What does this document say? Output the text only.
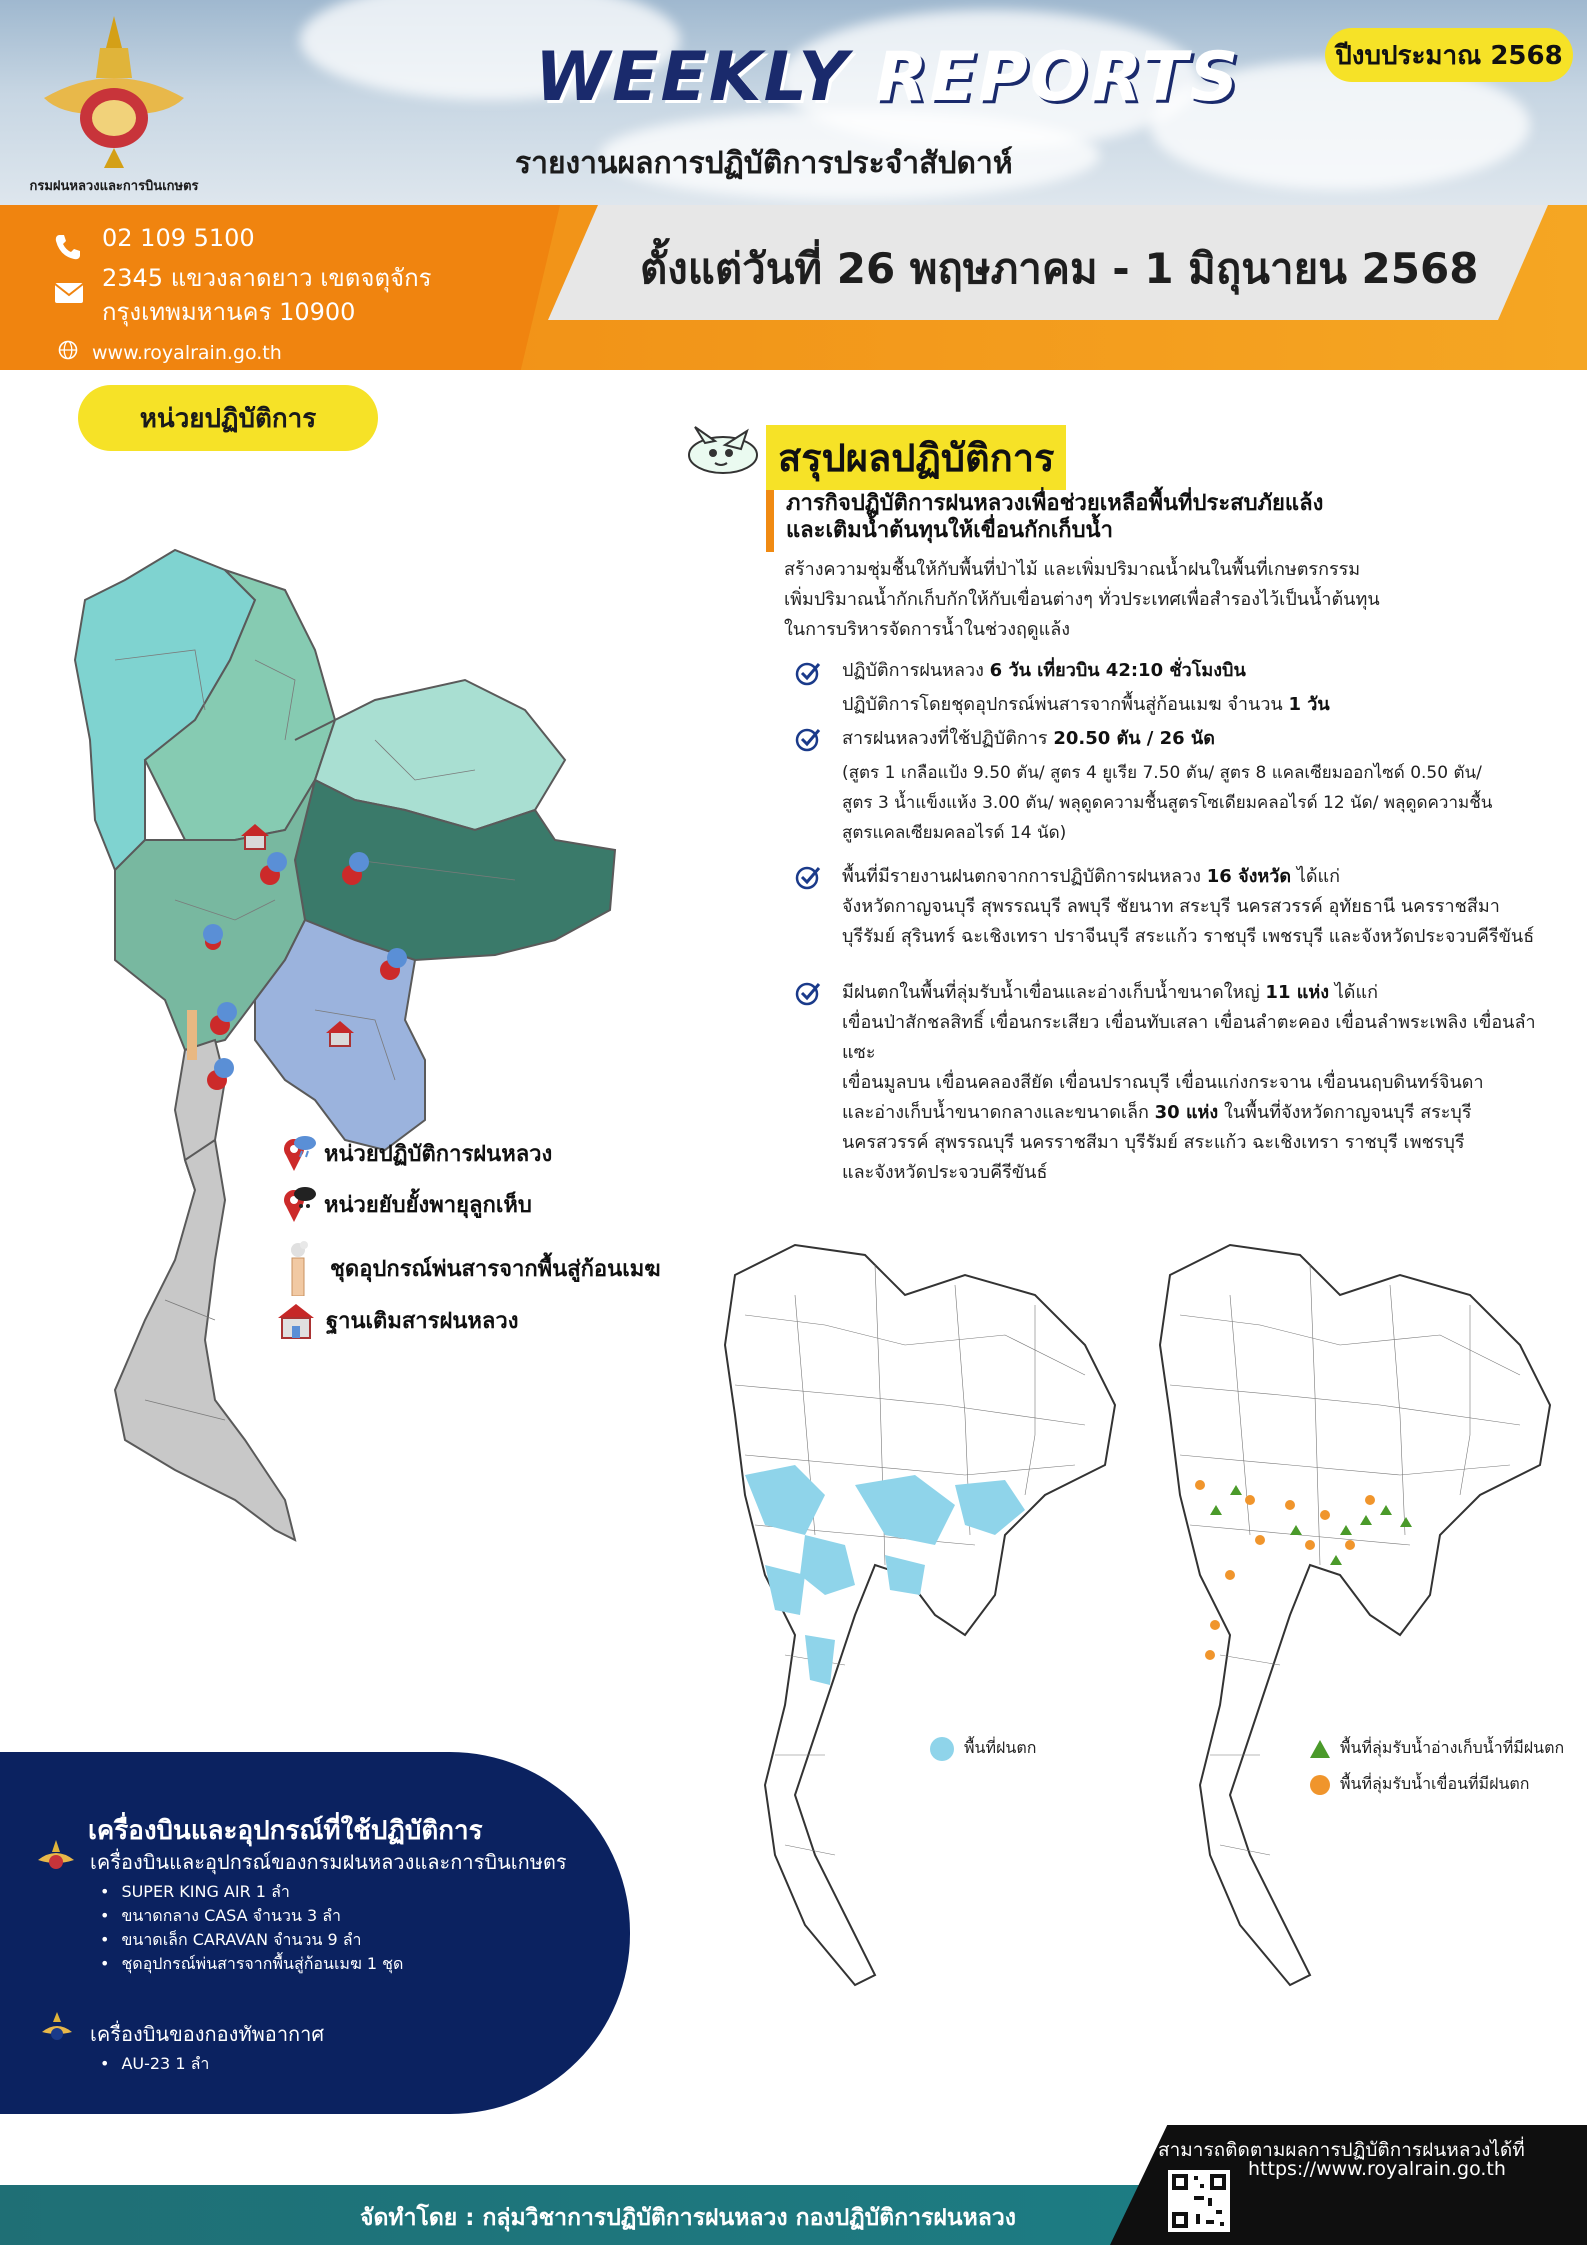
กรมฝนหลวงและการบินเกษตร
WEEKLY REPORTS
รายงานผลการปฏิบัติการประจำสัปดาห์
ปีงบประมาณ 2568
ตั้งแต่วันที่ 26 พฤษภาคม - 1 มิถุนายน 2568
02 109 5100
2345 แขวงลาดยาว เขตจตุจักร
กรุงเทพมหานคร 10900
www.royalrain.go.th
หน่วยปฏิบัติการ
หน่วยปฏิบัติการฝนหลวง
หน่วยยับยั้งพายุลูกเห็บ
ชุดอุปกรณ์พ่นสารจากพื้นสู่ก้อนเมฆ
ฐานเติมสารฝนหลวง
สรุปผลปฏิบัติการ
ภารกิจปฏิบัติการฝนหลวงเพื่อช่วยเหลือพื้นที่ประสบภัยแล้ง
และเติมน้ำต้นทุนให้เขื่อนกักเก็บน้ำ
สร้างความชุ่มชื้นให้กับพื้นที่ป่าไม้ และเพิ่มปริมาณน้ำฝนในพื้นที่เกษตรกรรม
เพิ่มปริมาณน้ำกักเก็บกักให้กับเขื่อนต่างๆ ทั่วประเทศเพื่อสำรองไว้เป็นน้ำต้นทุน
ในการบริหารจัดการน้ำในช่วงฤดูแล้ง
ปฏิบัติการฝนหลวง 6 วัน เที่ยวบิน 42:10 ชั่วโมงบิน
ปฏิบัติการโดยชุดอุปกรณ์พ่นสารจากพื้นสู่ก้อนเมฆ จำนวน 1 วัน
สารฝนหลวงที่ใช้ปฏิบัติการ 20.50 ตัน / 26 นัด
(สูตร 1 เกลือแป้ง 9.50 ตัน/ สูตร 4 ยูเรีย 7.50 ตัน/ สูตร 8 แคลเซียมออกไซด์ 0.50 ตัน/
สูตร 3 น้ำแข็งแห้ง 3.00 ตัน/ พลุดูดความชื้นสูตรโซเดียมคลอไรด์ 12 นัด/ พลุดูดความชื้น
สูตรแคลเซียมคลอไรด์ 14 นัด)
พื้นที่มีรายงานฝนตกจากการปฏิบัติการฝนหลวง 16 จังหวัด ได้แก่
จังหวัดกาญจนบุรี สุพรรณบุรี ลพบุรี ชัยนาท สระบุรี นครสวรรค์ อุทัยธานี นครราชสีมา
บุรีรัมย์ สุรินทร์ ฉะเชิงเทรา ปราจีนบุรี สระแก้ว ราชบุรี เพชรบุรี และจังหวัดประจวบคีรีขันธ์
มีฝนตกในพื้นที่ลุ่มรับน้ำเขื่อนและอ่างเก็บน้ำขนาดใหญ่ 11 แห่ง ได้แก่
เขื่อนป่าสักชลสิทธิ์ เขื่อนกระเสียว เขื่อนทับเสลา เขื่อนลำตะคอง เขื่อนลำพระเพลิง เขื่อนลำแซะ
เขื่อนมูลบน เขื่อนคลองสียัด เขื่อนปราณบุรี เขื่อนแก่งกระจาน เขื่อนนฤบดินทร์จินดา
และอ่างเก็บน้ำขนาดกลางและขนาดเล็ก 30 แห่ง ในพื้นที่จังหวัดกาญจนบุรี สระบุรี
นครสวรรค์ สุพรรณบุรี นครราชสีมา บุรีรัมย์ สระแก้ว ฉะเชิงเทรา ราชบุรี เพชรบุรี
และจังหวัดประจวบคีรีขันธ์
พื้นที่ฝนตก	พื้นที่ลุ่มรับน้ำอ่างเก็บน้ำที่มีฝนตก
พื้นที่ลุ่มรับน้ำเขื่อนที่มีฝนตก
เครื่องบินและอุปกรณ์ที่ใช้ปฏิบัติการ
เครื่องบินและอุปกรณ์ของกรมฝนหลวงและการบินเกษตร
• SUPER KING AIR 1 ลำ
• ขนาดกลาง CASA จำนวน 3 ลำ
• ขนาดเล็ก CARAVAN จำนวน 9 ลำ
• ชุดอุปกรณ์พ่นสารจากพื้นสู่ก้อนเมฆ 1 ชุด
เครื่องบินของกองทัพอากาศ
• AU-23 1 ลำ
จัดทำโดย : กลุ่มวิชาการปฏิบัติการฝนหลวง กองปฏิบัติการฝนหลวง
สามารถติดตามผลการปฏิบัติการฝนหลวงได้ที่
https://www.royalrain.go.th
